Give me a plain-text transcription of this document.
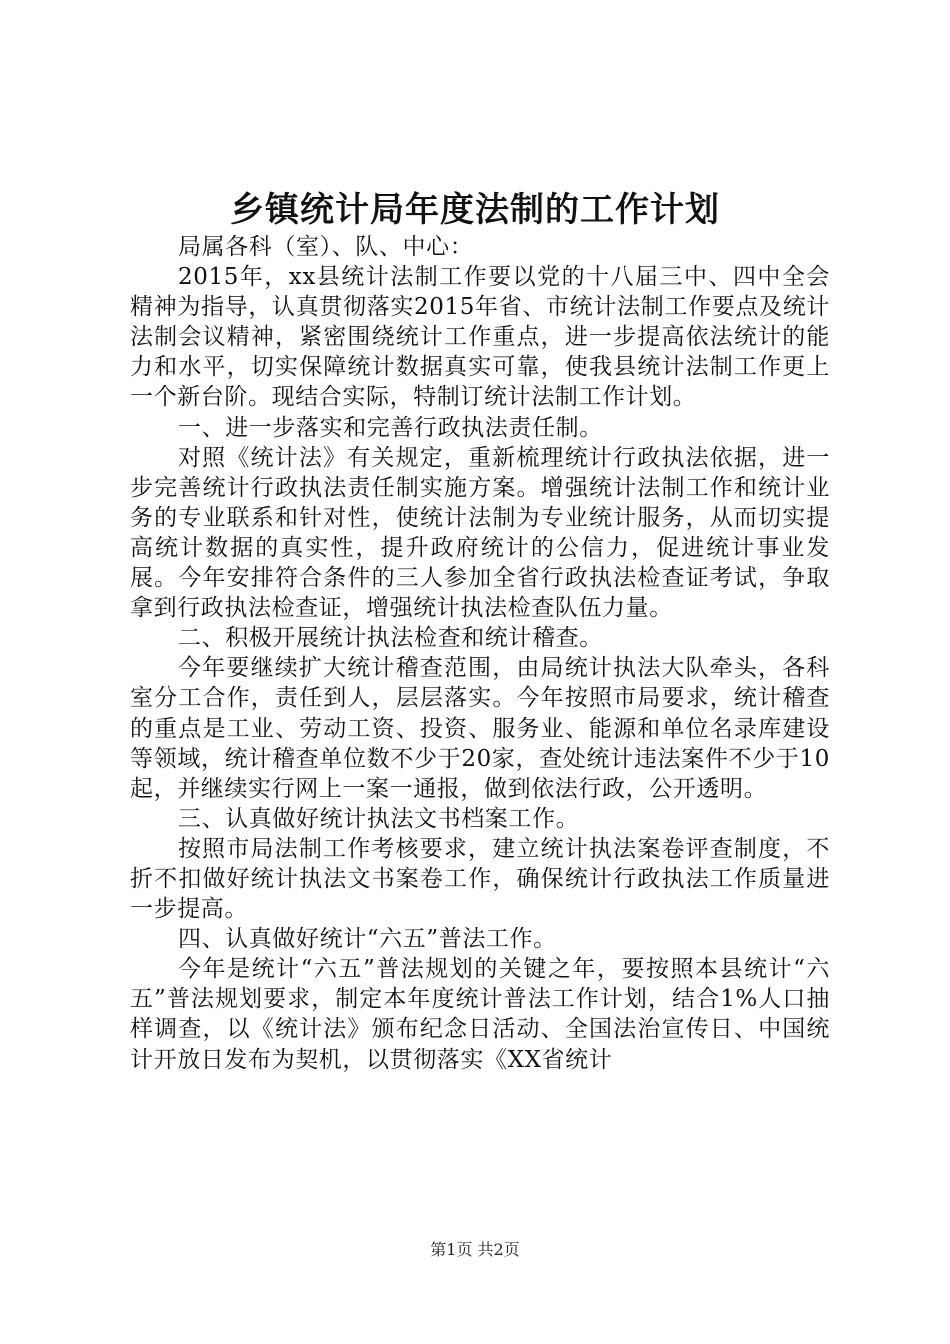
乡镇统计局年度法制的工作计划

局属各科（室）、队、中心：

2015年，xx县统计法制工作要以党的十八届三中、四中全会精神为指导，认真贯彻落实2015年省、市统计法制工作要点及统计法制会议精神，紧密围绕统计工作重点，进一步提高依法统计的能力和水平，切实保障统计数据真实可靠，使我县统计法制工作更上一个新台阶。现结合实际，特制订统计法制工作计划。

一、进一步落实和完善行政执法责任制。

对照《统计法》有关规定，重新梳理统计行政执法依据，进一步完善统计行政执法责任制实施方案。增强统计法制工作和统计业务的专业联系和针对性，使统计法制为专业统计服务，从而切实提高统计数据的真实性，提升政府统计的公信力，促进统计事业发展。今年安排符合条件的三人参加全省行政执法检查证考试，争取拿到行政执法检查证，增强统计执法检查队伍力量。

二、积极开展统计执法检查和统计稽查。

今年要继续扩大统计稽查范围，由局统计执法大队牵头，各科室分工合作，责任到人，层层落实。今年按照市局要求，统计稽查的重点是工业、劳动工资、投资、服务业、能源和单位名录库建设等领域，统计稽查单位数不少于20家，查处统计违法案件不少于10起，并继续实行网上一案一通报，做到依法行政，公开透明。

三、认真做好统计执法文书档案工作。

按照市局法制工作考核要求，建立统计执法案卷评查制度，不折不扣做好统计执法文书案卷工作，确保统计行政执法工作质量进一步提高。

四、认真做好统计“六五”普法工作。

今年是统计“六五”普法规划的关键之年，要按照本县统计“六五”普法规划要求，制定本年度统计普法工作计划，结合1%人口抽样调查，以《统计法》颁布纪念日活动、全国法治宣传日、中国统计开放日发布为契机，以贯彻落实《XX省统计

第1页 共2页
